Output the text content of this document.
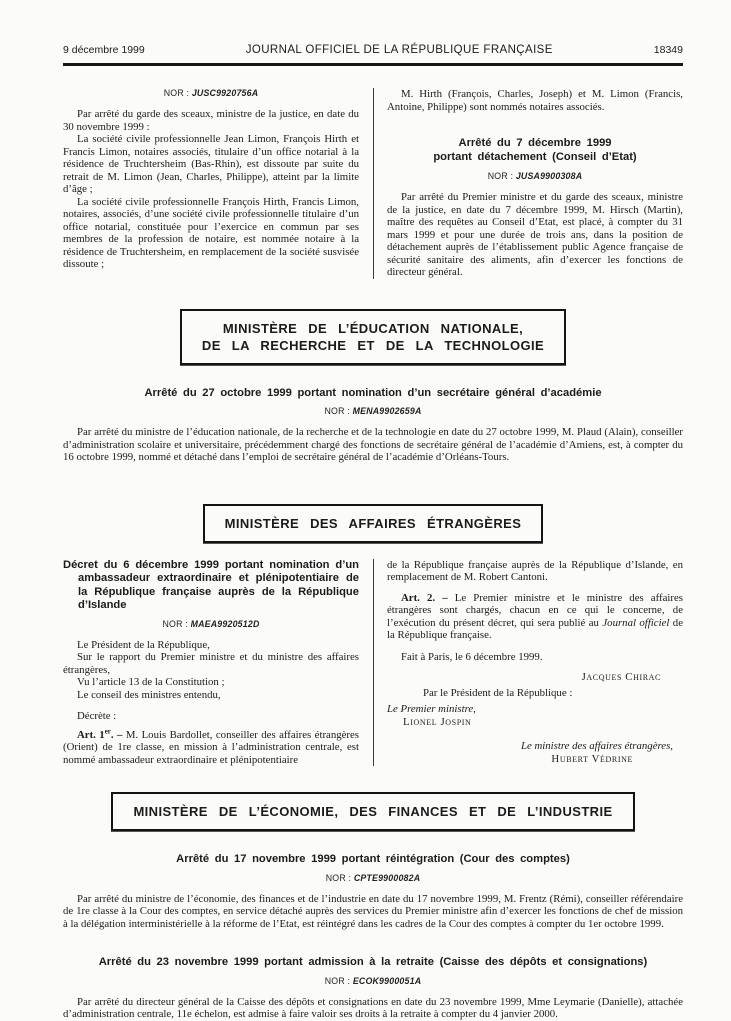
9 décembre 1999	JOURNAL OFFICIEL DE LA RÉPUBLIQUE FRANÇAISE	18349
NOR : JUSC9920756A

Par arrêté du garde des sceaux, ministre de la justice, en date du 30 novembre 1999 :

La société civile professionnelle Jean Limon, François Hirth et Francis Limon, notaires associés, titulaire d’un office notarial à la résidence de Truchtersheim (Bas-Rhin), est dissoute par suite du retrait de M. Limon (Jean, Charles, Philippe), atteint par la limite d’âge ;

La société civile professionnelle François Hirth, Francis Limon, notaires, associés, d’une société civile professionnelle titulaire d’un office notarial, constituée pour l’exercice en commun par ses membres de la profession de notaire, est nommée notaire à la résidence de Truchtersheim, en remplacement de la société susvisée dissoute ;

M. Hirth (François, Charles, Joseph) et M. Limon (Francis, Antoine, Philippe) sont nommés notaires associés.

Arrêté du 7 décembre 1999
portant détachement (Conseil d’Etat)

NOR : JUSA9900308A

Par arrêté du Premier ministre et du garde des sceaux, ministre de la justice, en date du 7 décembre 1999, M. Hirsch (Martin), maître des requêtes au Conseil d’Etat, est placé, à compter du 31 mars 1999 et pour une durée de trois ans, dans la position de détachement auprès de l’établissement public Agence française de sécurité sanitaire des aliments, afin d’exercer les fonctions de directeur général.

MINISTÈRE DE L’ÉDUCATION NATIONALE,
DE LA RECHERCHE ET DE LA TECHNOLOGIE

Arrêté du 27 octobre 1999 portant nomination d’un secrétaire général d’académie

NOR : MENA9902659A

Par arrêté du ministre de l’éducation nationale, de la recherche et de la technologie en date du 27 octobre 1999, M. Plaud (Alain), conseiller d’administration scolaire et universitaire, précédemment chargé des fonctions de secrétaire général de l’académie d’Amiens, est, à compter du 16 octobre 1999, nommé et détaché dans l’emploi de secrétaire général de l’académie d’Orléans-Tours.

MINISTÈRE DES AFFAIRES ÉTRANGÈRES

Décret du 6 décembre 1999 portant nomination d’un ambassadeur extraordinaire et plénipotentiaire de la République française auprès de la République d’Islande

NOR : MAEA9920512D

Le Président de la République,

Sur le rapport du Premier ministre et du ministre des affaires étrangères,

Vu l’article 13 de la Constitution ;

Le conseil des ministres entendu,

Décrète :

Art. 1er. – M. Louis Bardollet, conseiller des affaires étrangères (Orient) de 1re classe, en mission à l’administration centrale, est nommé ambassadeur extraordinaire et plénipotentiaire

de la République française auprès de la République d’Islande, en remplacement de M. Robert Cantoni.

Art. 2. – Le Premier ministre et le ministre des affaires étrangères sont chargés, chacun en ce qui le concerne, de l’exécution du présent décret, qui sera publié au Journal officiel de la République française.

Fait à Paris, le 6 décembre 1999.

Jacques Chirac

Par le Président de la République :

Le Premier ministre,

Lionel Jospin

Le ministre des affaires étrangères,

Hubert Védrine

MINISTÈRE DE L’ÉCONOMIE, DES FINANCES ET DE L’INDUSTRIE

Arrêté du 17 novembre 1999 portant réintégration (Cour des comptes)

NOR : CPTE9900082A

Par arrêté du ministre de l’économie, des finances et de l’industrie en date du 17 novembre 1999, M. Frentz (Rémi), conseiller référendaire de 1re classe à la Cour des comptes, en service détaché auprès des services du Premier ministre afin d’exercer les fonctions de chef de mission à la délégation interministérielle à la réforme de l’Etat, est réintégré dans les cadres de la Cour des comptes à compter du 1er octobre 1999.

Arrêté du 23 novembre 1999 portant admission à la retraite (Caisse des dépôts et consignations)

NOR : ECOK9900051A

Par arrêté du directeur général de la Caisse des dépôts et consignations en date du 23 novembre 1999, Mme Leymarie (Danielle), attachée d’administration centrale, 11e échelon, est admise à faire valoir ses droits à la retraite à compter du 4 janvier 2000.
